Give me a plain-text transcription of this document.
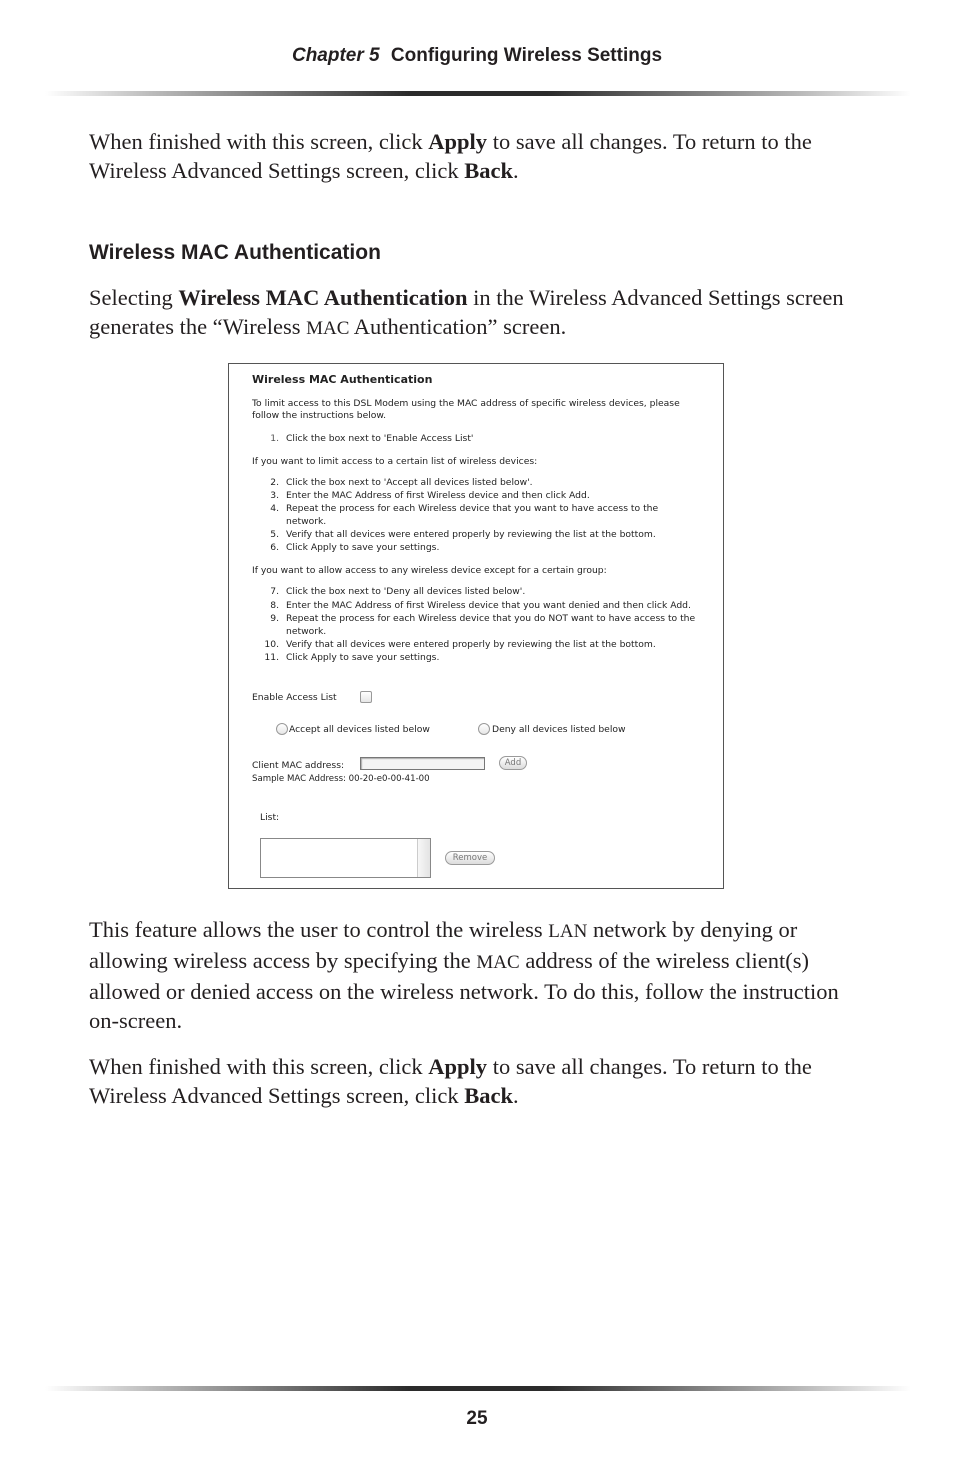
Chapter 5 Configuring Wireless Settings

When finished with this screen, click Apply to save all changes. To return to the Wireless Advanced Settings screen, click Back.

Wireless MAC Authentication

Selecting Wireless MAC Authentication in the Wireless Advanced Settings screen generates the “Wireless MAC Authentication” screen.

Wireless MAC Authentication
To limit access to this DSL Modem using the MAC address of specific wireless devices, please
follow the instructions below.
1. Click the box next to 'Enable Access List'
If you want to limit access to a certain list of wireless devices:
2. Click the box next to 'Accept all devices listed below'.
3. Enter the MAC Address of first Wireless device and then click Add.
4. Repeat the process for each Wireless device that you want to have access to the
network.
5. Verify that all devices were entered properly by reviewing the list at the bottom.
6. Click Apply to save your settings.
If you want to allow access to any wireless device except for a certain group:
7. Click the box next to 'Deny all devices listed below'.
8. Enter the MAC Address of first Wireless device that you want denied and then click Add.
9. Repeat the process for each Wireless device that you do NOT want to have access to the
network.
10. Verify that all devices were entered properly by reviewing the list at the bottom.
11. Click Apply to save your settings.
Enable Access List
Accept all devices listed below	Deny all devices listed below
Client MAC address:	Add
Sample MAC Address: 00-20-e0-00-41-00
List:
Remove

This feature allows the user to control the wireless LAN network by denying or allowing wireless access by specifying the MAC address of the wireless client(s) allowed or denied access on the wireless network. To do this, follow the instruction on-screen.

When finished with this screen, click Apply to save all changes. To return to the Wireless Advanced Settings screen, click Back.

25
